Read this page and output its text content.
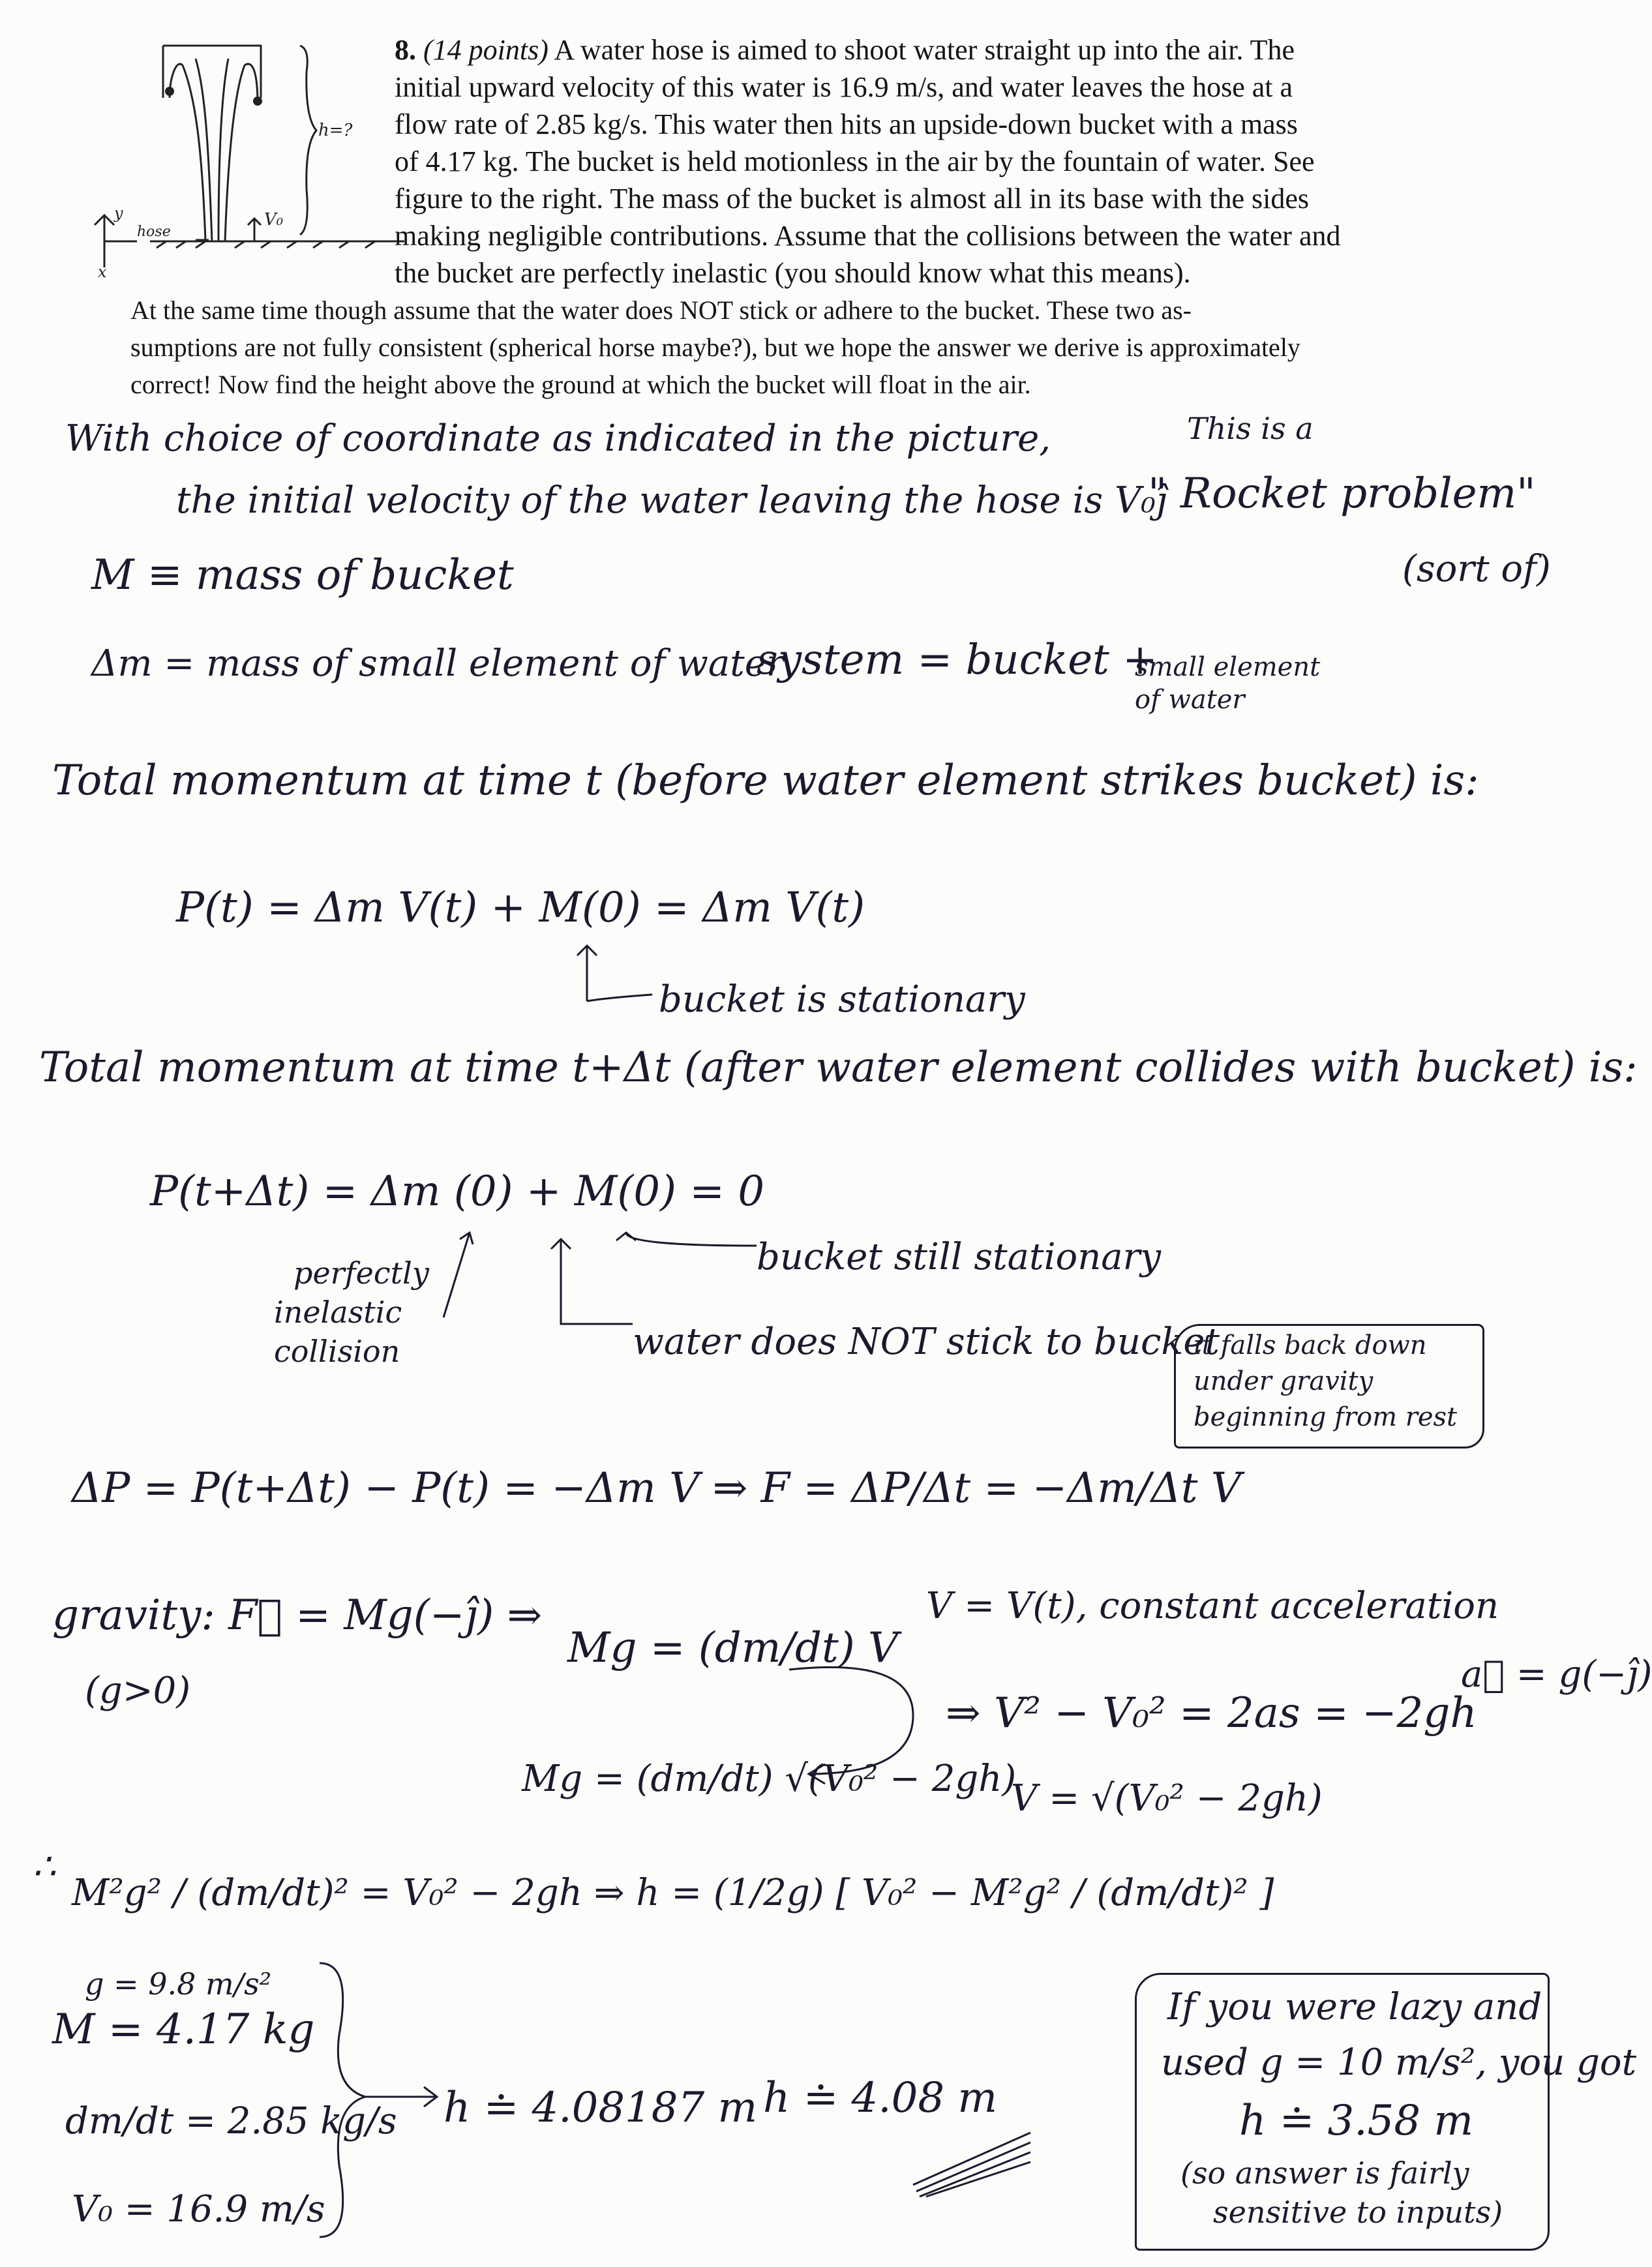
h=?
hose
V₀
y
x
8. (14 points) A water hose is aimed to shoot water straight up into the air. The
initial upward velocity of this water is 16.9 m/s, and water leaves the hose at a
flow rate of 2.85 kg/s. This water then hits an upside-down bucket with a mass
of 4.17 kg. The bucket is held motionless in the air by the fountain of water. See
figure to the right. The mass of the bucket is almost all in its base with the sides
making negligible contributions. Assume that the collisions between the water and
the bucket are perfectly inelastic (you should know what this means).
At the same time though assume that the water does NOT stick or adhere to the bucket. These two as-
sumptions are not fully consistent (spherical horse maybe?), but we hope the answer we derive is approximately
correct! Now find the height above the ground at which the bucket will float in the air.
With choice of coordinate as indicated in the picture,
the initial velocity of the water leaving the hose is V₀ĵ
This is a
" Rocket problem"
(sort of)
M ≡ mass of bucket
Δm = mass of small element of water
system = bucket +
small element
of water
Total momentum at time t (before water element strikes bucket) is:
P(t) = Δm V(t) + M(0) = Δm V(t)
bucket is stationary
Total momentum at time t+Δt (after water element collides with bucket) is:
P(t+Δt) = Δm (0) + M(0) = 0
bucket still stationary
perfectly
inelastic
collision	water does NOT stick to bucket
it falls back down
under gravity
beginning from rest
ΔP = P(t+Δt) − P(t) = −Δm V ⇒ F = ΔP/Δt = −Δm/Δt V
gravity: F⃗ = Mg(−ĵ) ⇒
(g>0)
Mg = (dm/dt) V
V = V(t), constant acceleration
a⃗ = g(−ĵ)
⇒ V² − V₀² = 2as = −2gh
Mg = (dm/dt) √(V₀² − 2gh)
V = √(V₀² − 2gh)
∴
M²g² / (dm/dt)² = V₀² − 2gh ⇒ h = (1/2g) [ V₀² − M²g² / (dm/dt)² ]
g = 9.8 m/s²
M = 4.17 kg
dm/dt = 2.85 kg/s
V₀ = 16.9 m/s
h ≐ 4.08187 m h ≐ 4.08 m
If you were lazy and
used g = 10 m/s², you got
h ≐ 3.58 m
(so answer is fairly
sensitive to inputs)
